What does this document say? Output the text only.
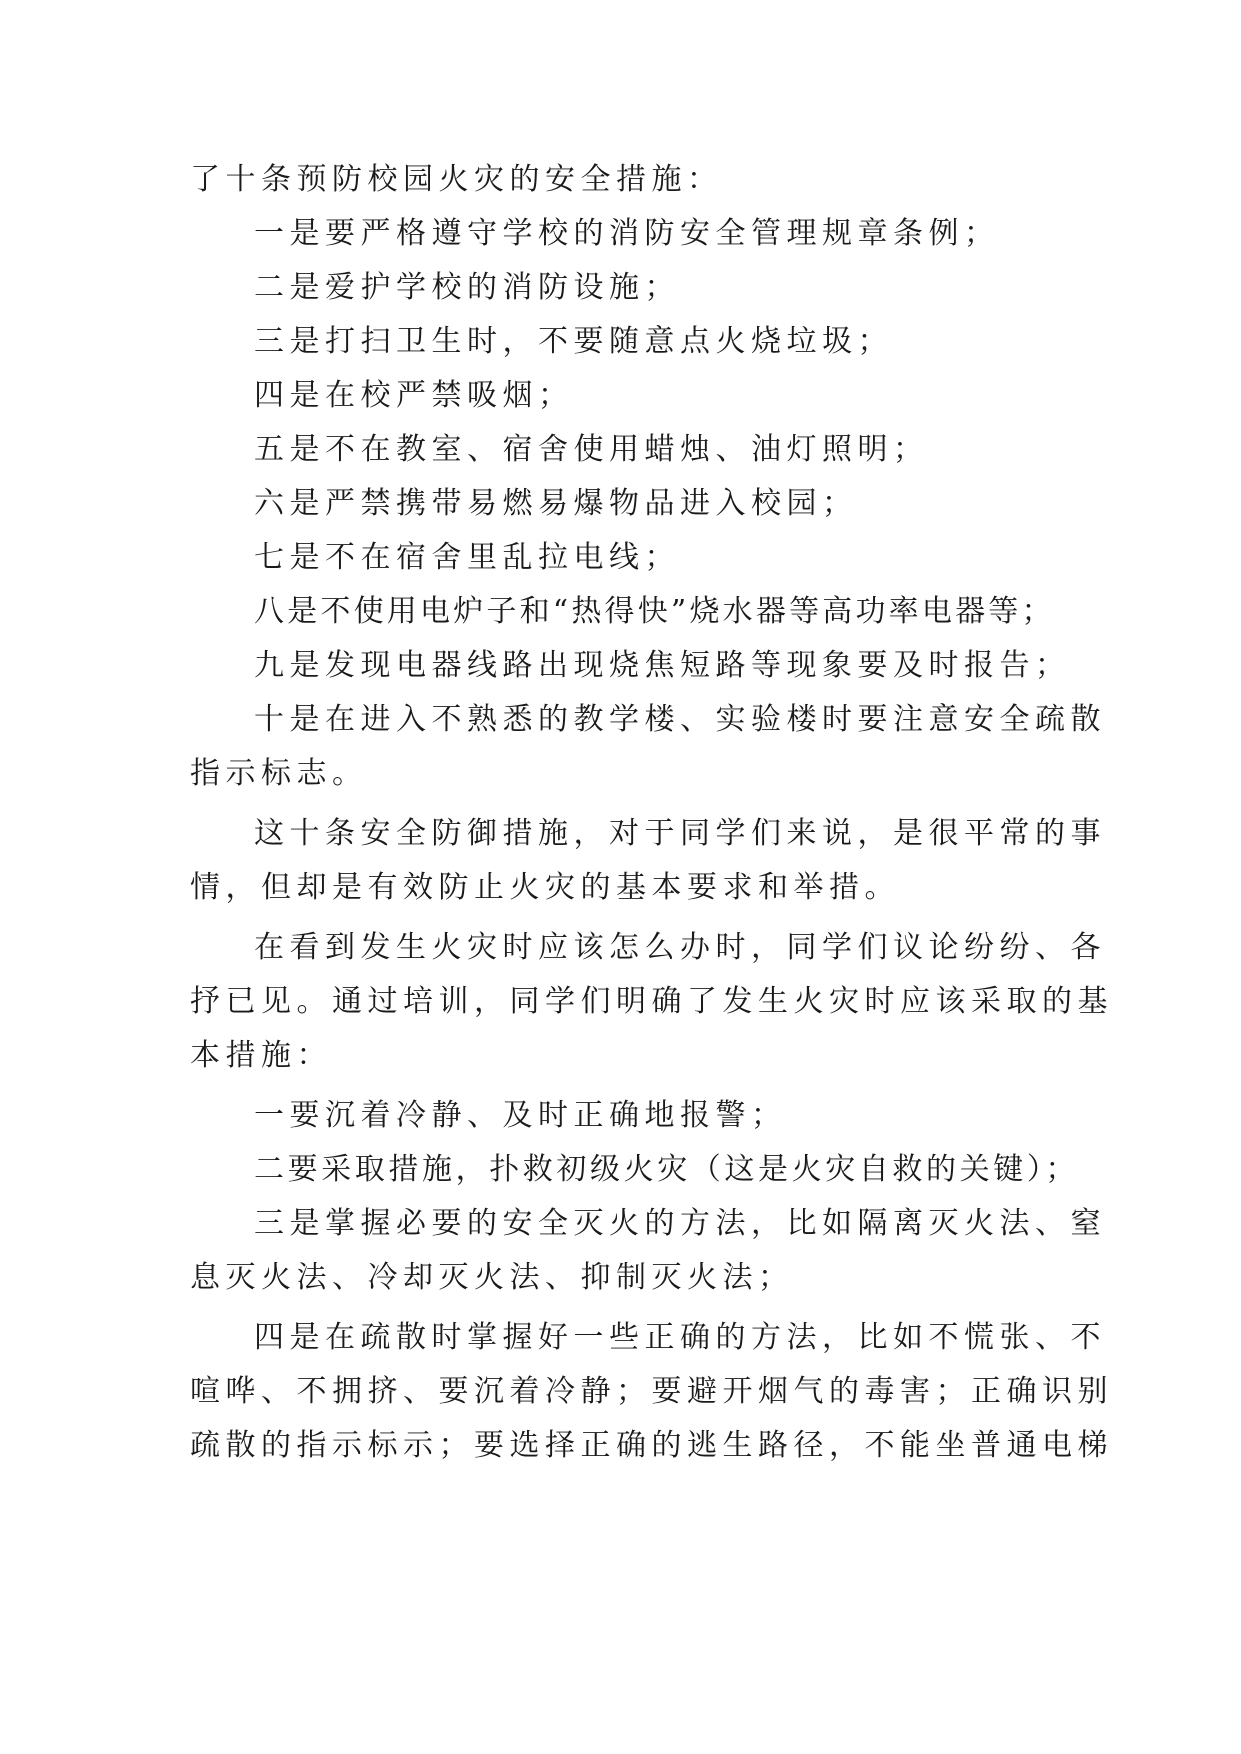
了十条预防校园火灾的安全措施：
一是要严格遵守学校的消防安全管理规章条例；
二是爱护学校的消防设施；
三是打扫卫生时，不要随意点火烧垃圾；
四是在校严禁吸烟；
五是不在教室、宿舍使用蜡烛、油灯照明；
六是严禁携带易燃易爆物品进入校园；
七是不在宿舍里乱拉电线；
八是不使用电炉子和“热得快”烧水器等高功率电器等；
九是发现电器线路出现烧焦短路等现象要及时报告；
十是在进入不熟悉的教学楼、实验楼时要注意安全疏散
指示标志。
这十条安全防御措施，对于同学们来说，是很平常的事
情，但却是有效防止火灾的基本要求和举措。
在看到发生火灾时应该怎么办时，同学们议论纷纷、各
抒已见。通过培训，同学们明确了发生火灾时应该采取的基
本措施：
一要沉着冷静、及时正确地报警；
二要采取措施，扑救初级火灾（这是火灾自救的关键）；
三是掌握必要的安全灭火的方法，比如隔离灭火法、窒
息灭火法、冷却灭火法、抑制灭火法；
四是在疏散时掌握好一些正确的方法，比如不慌张、不
喧哗、不拥挤、要沉着冷静；要避开烟气的毒害；正确识别
疏散的指示标示；要选择正确的逃生路径，不能坐普通电梯
